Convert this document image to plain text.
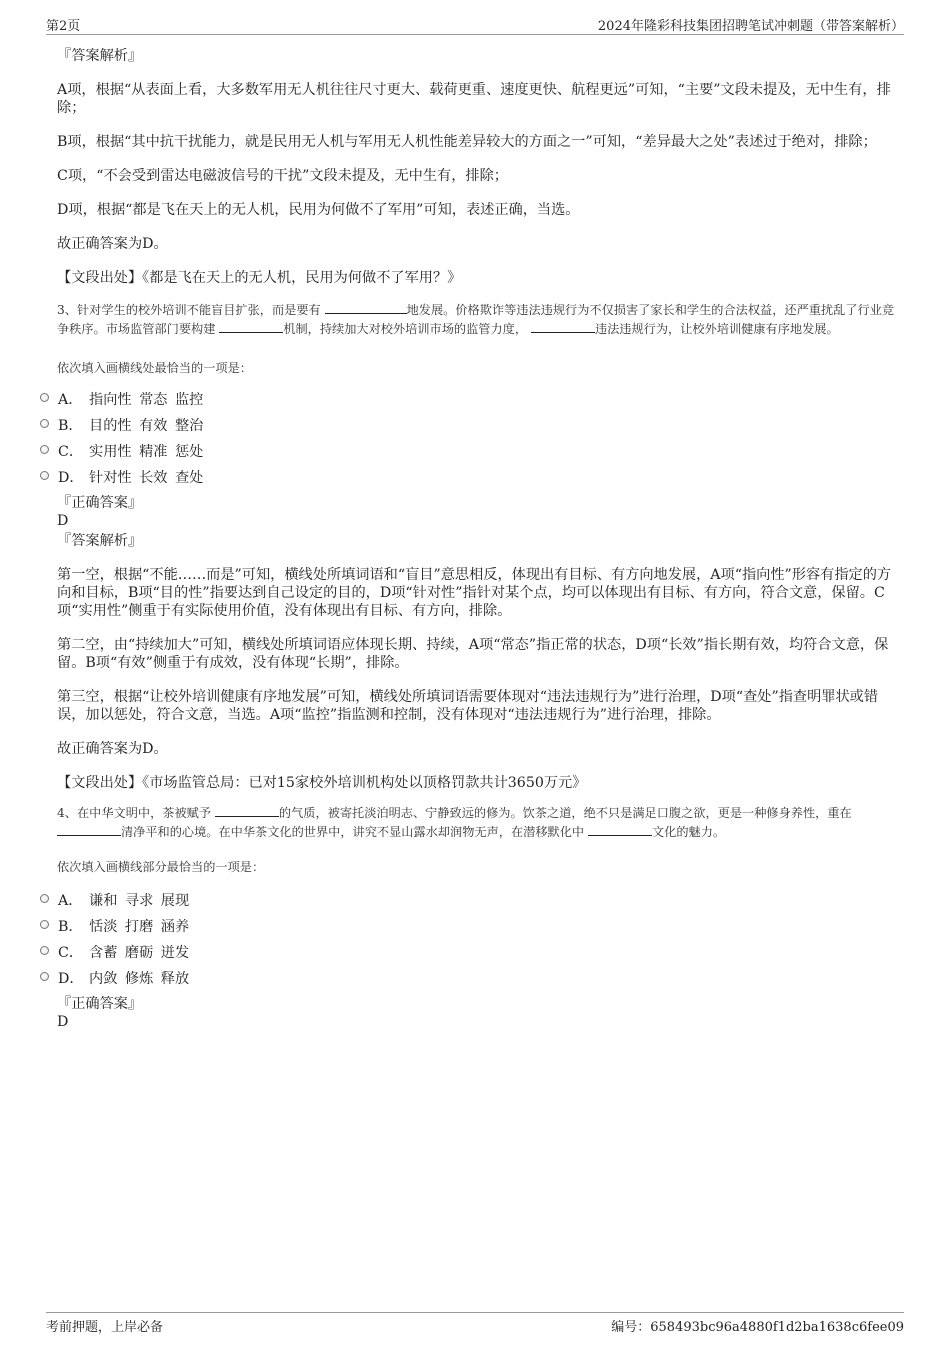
第2页	2024年隆彩科技集团招聘笔试冲刺题（带答案解析）

『答案解析』

A项，根据“从表面上看，大多数军用无人机往往尺寸更大、载荷更重、速度更快、航程更远”可知，“主要”文段未提及，无中生有，排除；

B项，根据“其中抗干扰能力，就是民用无人机与军用无人机性能差异较大的方面之一”可知，“差异最大之处”表述过于绝对，排除；

C项，“不会受到雷达电磁波信号的干扰”文段未提及，无中生有，排除；

D项，根据“都是飞在天上的无人机，民用为何做不了军用”可知，表述正确，当选。

故正确答案为D。

【文段出处】《都是飞在天上的无人机，民用为何做不了军用？》

3、针对学生的校外培训不能盲目扩张，而是要有	地发展。价格欺诈等违法违规行为不仅损害了家长和学生的合法权益，还严重扰乱了行业竞争秩序。市场监管部门要构建	机制，持续加大对校外培训市场的监管力度，	违法违规行为，让校外培训健康有序地发展。

依次填入画横线处最恰当的一项是：

A． 指向性 常态 监控
B． 目的性 有效 整治
C． 实用性 精准 惩处
D． 针对性 长效 查处

『正确答案』

D

『答案解析』

第一空，根据“不能……而是”可知，横线处所填词语和“盲目”意思相反，体现出有目标、有方向地发展，A项“指向性”形容有指定的方向和目标，B项“目的性”指要达到自己设定的目的，D项“针对性”指针对某个点，均可以体现出有目标、有方向，符合文意，保留。C项“实用性”侧重于有实际使用价值，没有体现出有目标、有方向，排除。

第二空，由“持续加大”可知，横线处所填词语应体现长期、持续，A项“常态”指正常的状态，D项“长效”指长期有效，均符合文意，保留。B项“有效”侧重于有成效，没有体现“长期”，排除。

第三空，根据“让校外培训健康有序地发展”可知，横线处所填词语需要体现对“违法违规行为”进行治理，D项“查处”指查明罪状或错误，加以惩处，符合文意，当选。A项“监控”指监测和控制，没有体现对“违法违规行为”进行治理，排除。

故正确答案为D。

【文段出处】《市场监管总局：已对15家校外培训机构处以顶格罚款共计3650万元》

4、在中华文明中，茶被赋予	的气质，被寄托淡泊明志、宁静致远的修为。饮茶之道，绝不只是满足口腹之欲，更是一种修身养性，重在 清净平和的心境。在中华茶文化的世界中，讲究不显山露水却润物无声，在潜移默化中	文化的魅力。

依次填入画横线部分最恰当的一项是：

A． 谦和 寻求 展现
B． 恬淡 打磨 涵养
C． 含蓄 磨砺 迸发
D． 内敛 修炼 释放

『正确答案』

D

考前押题，上岸必备	编号：658493bc96a4880f1d2ba1638c6fee09
